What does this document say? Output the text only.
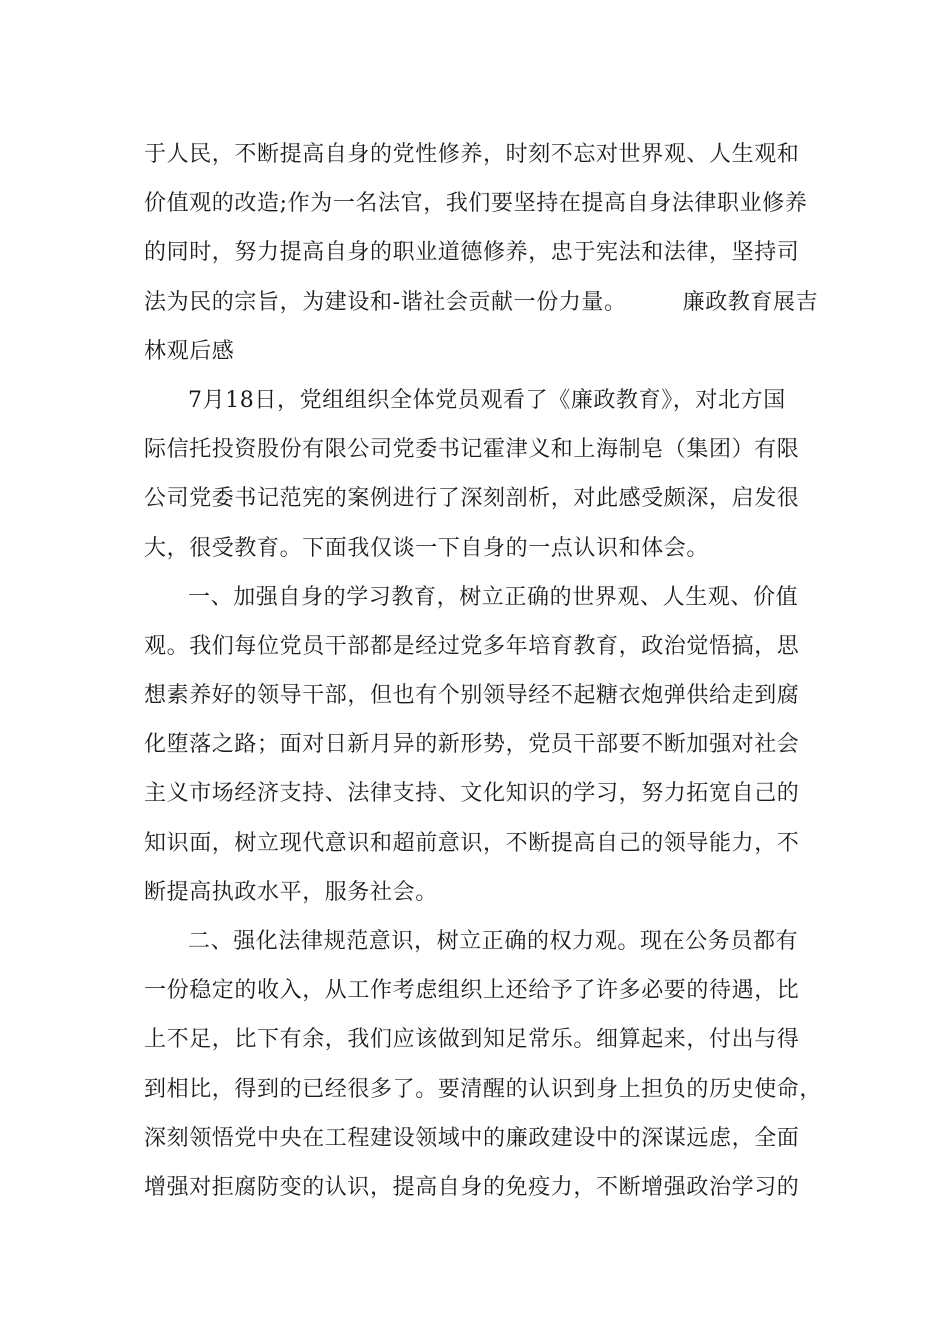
于人民，不断提高自身的党性修养，时刻不忘对世界观、人生观和
价值观的改造;作为一名法官，我们要坚持在提高自身法律职业修养
的同时，努力提高自身的职业道德修养，忠于宪法和法律，坚持司
法为民的宗旨，为建设和-谐社会贡献一份力量。	廉政教育展吉
林观后感
7月18日，党组组织全体党员观看了《廉政教育》，对北方国
际信托投资股份有限公司党委书记霍津义和上海制皂（集团）有限
公司党委书记范宪的案例进行了深刻剖析，对此感受颇深，启发很
大，很受教育。下面我仅谈一下自身的一点认识和体会。
一、加强自身的学习教育，树立正确的世界观、人生观、价值
观。我们每位党员干部都是经过党多年培育教育，政治觉悟搞，思
想素养好的领导干部，但也有个别领导经不起糖衣炮弹供给走到腐
化堕落之路；面对日新月异的新形势，党员干部要不断加强对社会
主义市场经济支持、法律支持、文化知识的学习，努力拓宽自己的
知识面，树立现代意识和超前意识，不断提高自己的领导能力，不
断提高执政水平，服务社会。
二、强化法律规范意识，树立正确的权力观。现在公务员都有
一份稳定的收入，从工作考虑组织上还给予了许多必要的待遇，比
上不足，比下有余，我们应该做到知足常乐。细算起来，付出与得
到相比，得到的已经很多了。要清醒的认识到身上担负的历史使命，
深刻领悟党中央在工程建设领域中的廉政建设中的深谋远虑，全面
增强对拒腐防变的认识，提高自身的免疫力，不断增强政治学习的
